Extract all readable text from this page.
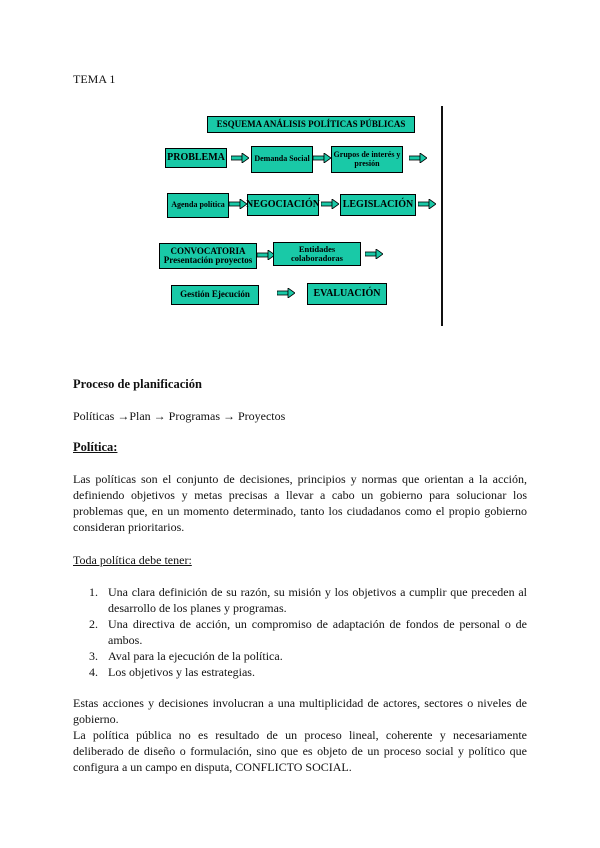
TEMA 1
ESQUEMA ANÁLISIS POLÍTICAS PÚBLICAS
PROBLEMA	Demanda Social	Grupos de interés y presión
Agenda política	NEGOCIACIÓN LEGISLACIÓN
CONVOCATORIA
Presentación proyectos
Entidades colaboradoras
Gestión Ejecución	EVALUACIÓN
Proceso de planificación
Políticas →Plan → Programas → Proyectos
Política:
Las políticas son el conjunto de decisiones, principios y normas que orientan a la acción, definiendo objetivos y metas precisas a llevar a cabo un gobierno para solucionar los problemas que, en un momento determinado, tanto los ciudadanos como el propio gobierno consideran prioritarios.
Toda política debe tener:
1. Una clara definición de su razón, su misión y los objetivos a cumplir que preceden al desarrollo de los planes y programas.
2. Una directiva de acción, un compromiso de adaptación de fondos de personal o de ambos.
3. Aval para la ejecución de la política.
4. Los objetivos y las estrategias.
Estas acciones y decisiones involucran a una multiplicidad de actores, sectores o niveles de gobierno.
La política pública no es resultado de un proceso lineal, coherente y necesariamente deliberado de diseño o formulación, sino que es objeto de un proceso social y político que configura a un campo en disputa, CONFLICTO SOCIAL.
